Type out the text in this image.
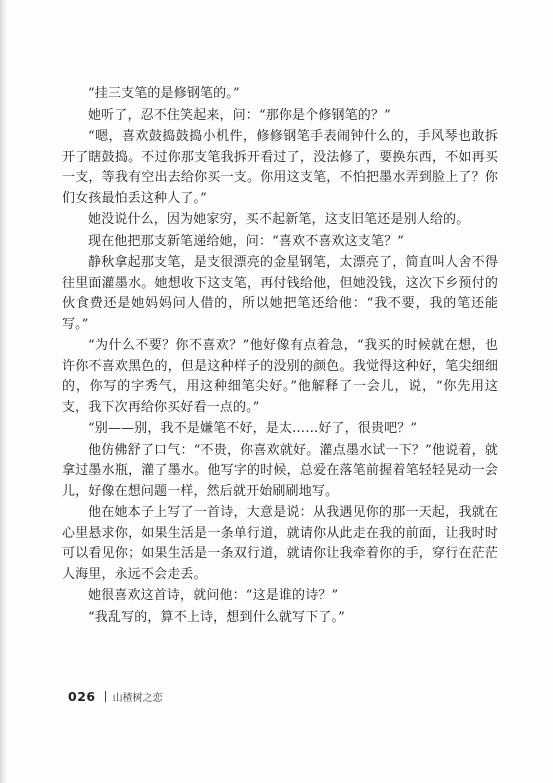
“挂三支笔的是修钢笔的。”

她听了，忍不住笑起来，问：“那你是个修钢笔的？”

“嗯，喜欢鼓捣鼓捣小机件，修修钢笔手表闹钟什么的，手风琴也敢拆开了瞎鼓捣。不过你那支笔我拆开看过了，没法修了，要换东西，不如再买一支，等我有空出去给你买一支。你用这支笔，不怕把墨水弄到脸上了？你们女孩最怕丢这种人了。”

她没说什么，因为她家穷，买不起新笔，这支旧笔还是别人给的。

现在他把那支新笔递给她，问：“喜欢不喜欢这支笔？”

静秋拿起那支笔，是支很漂亮的金星钢笔，太漂亮了，简直叫人舍不得往里面灌墨水。她想收下这支笔，再付钱给他，但她没钱，这次下乡预付的伙食费还是她妈妈问人借的，所以她把笔还给他：“我不要，我的笔还能写。”

“为什么不要？你不喜欢？”他好像有点着急，“我买的时候就在想，也许你不喜欢黑色的，但是这种样子的没别的颜色。我觉得这种好，笔尖细细的，你写的字秀气，用这种细笔尖好。”他解释了一会儿，说，“你先用这支，我下次再给你买好看一点的。”

“别——别，我不是嫌笔不好，是太……好了，很贵吧？”

他仿佛舒了口气：“不贵，你喜欢就好。灌点墨水试一下？”他说着，就拿过墨水瓶，灌了墨水。他写字的时候，总爱在落笔前握着笔轻轻晃动一会儿，好像在想问题一样，然后就开始刷刷地写。

他在她本子上写了一首诗，大意是说：从我遇见你的那一天起，我就在心里悬求你，如果生活是一条单行道，就请你从此走在我的前面，让我时时可以看见你；如果生活是一条双行道，就请你让我牵着你的手，穿行在茫茫人海里，永远不会走丢。

她很喜欢这首诗，就问他：“这是谁的诗？”

“我乱写的，算不上诗，想到什么就写下了。”

026 山楂树之恋
